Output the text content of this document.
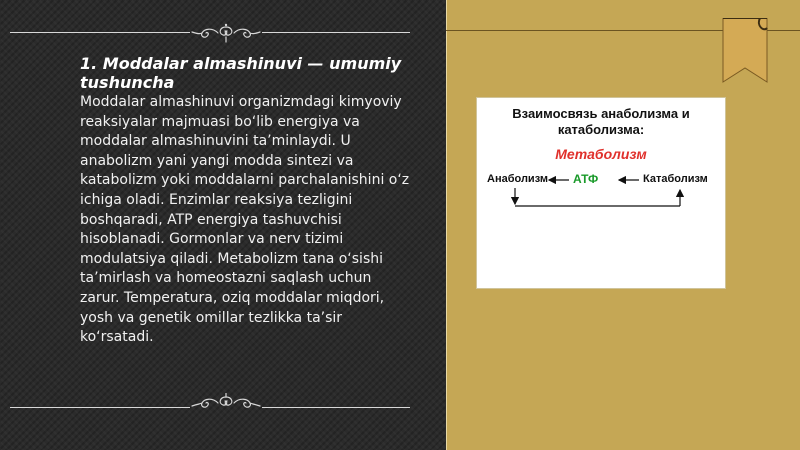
1. Moddalar almashinuvi — umumiy tushuncha

Moddalar almashinuvi organizmdagi kimyoviy reaksiyalar majmuasi bo‘lib energiya va moddalar almashinuvini ta’minlaydi. U anabolizm yani yangi modda sintezi va katabolizm yoki moddalarni parchalanishini o‘z ichiga oladi. Enzimlar reaksiya tezligini boshqaradi, ATP energiya tashuvchisi hisoblanadi. Gormonlar va nerv tizimi modulatsiya qiladi. Metabolizm tana o‘sishi ta’mirlash va homeostazni saqlash uchun zarur. Temperatura, oziq moddalar miqdori, yosh va genetik omillar tezlikka ta’sir ko‘rsatadi.

Взаимосвязь анаболизма и катаболизма:

Метаболизм
Анаболизм АТФ	Катаболизм
